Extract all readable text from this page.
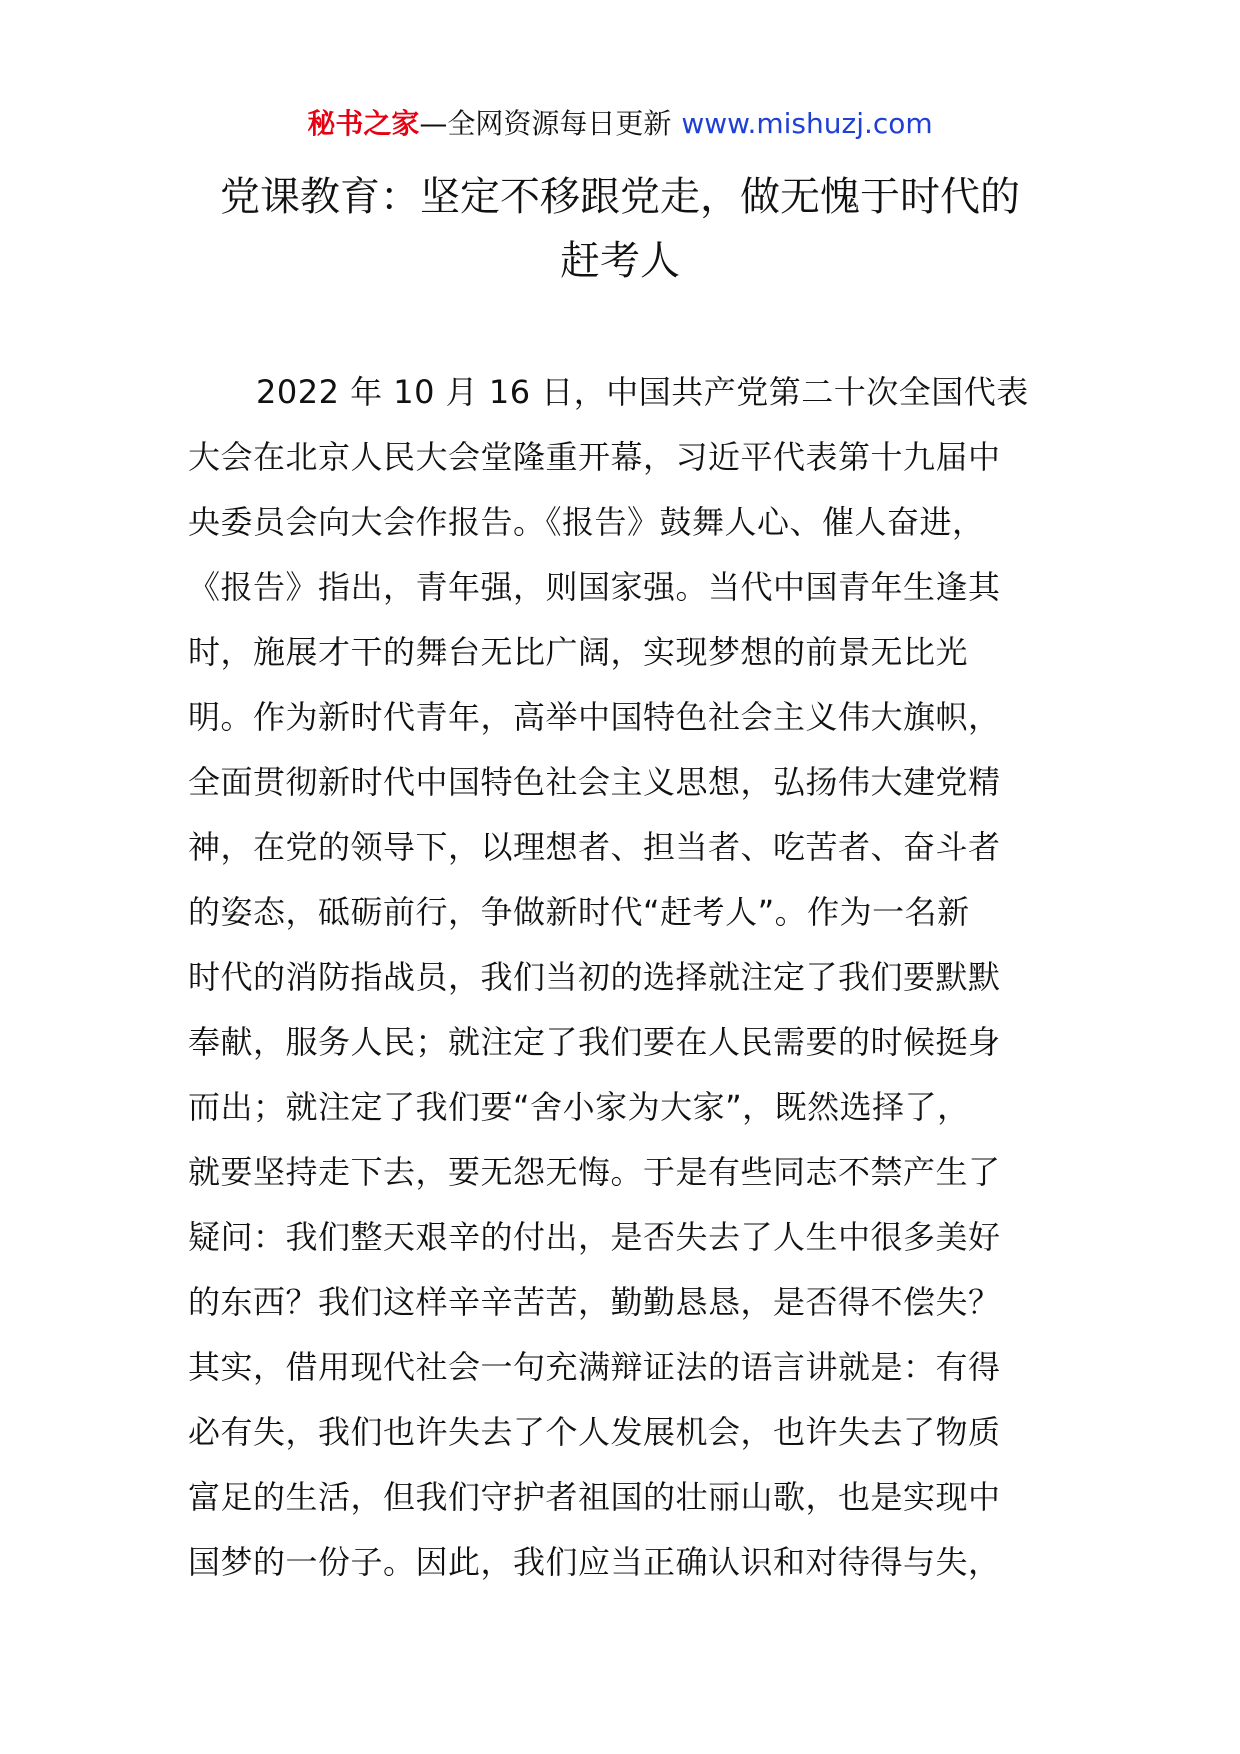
秘书之家—全网资源每日更新 www.mishuzj.com
党课教育：坚定不移跟党走，做无愧于时代的
赶考人
2022 年 10 月 16 日，中国共产党第二十次全国代表
大会在北京人民大会堂隆重开幕，习近平代表第十九届中
央委员会向大会作报告。《报告》鼓舞人心、催人奋进，
《报告》指出，青年强，则国家强。当代中国青年生逢其
时，施展才干的舞台无比广阔，实现梦想的前景无比光
明。作为新时代青年，高举中国特色社会主义伟大旗帜，
全面贯彻新时代中国特色社会主义思想，弘扬伟大建党精
神，在党的领导下，以理想者、担当者、吃苦者、奋斗者
的姿态，砥砺前行，争做新时代“赶考人”。作为一名新
时代的消防指战员，我们当初的选择就注定了我们要默默
奉献，服务人民；就注定了我们要在人民需要的时候挺身
而出；就注定了我们要“舍小家为大家”，既然选择了，
就要坚持走下去，要无怨无悔。于是有些同志不禁产生了
疑问：我们整天艰辛的付出，是否失去了人生中很多美好
的东西？我们这样辛辛苦苦，勤勤恳恳，是否得不偿失？
其实，借用现代社会一句充满辩证法的语言讲就是：有得
必有失，我们也许失去了个人发展机会，也许失去了物质
富足的生活，但我们守护者祖国的壮丽山歌，也是实现中
国梦的一份子。因此，我们应当正确认识和对待得与失，
